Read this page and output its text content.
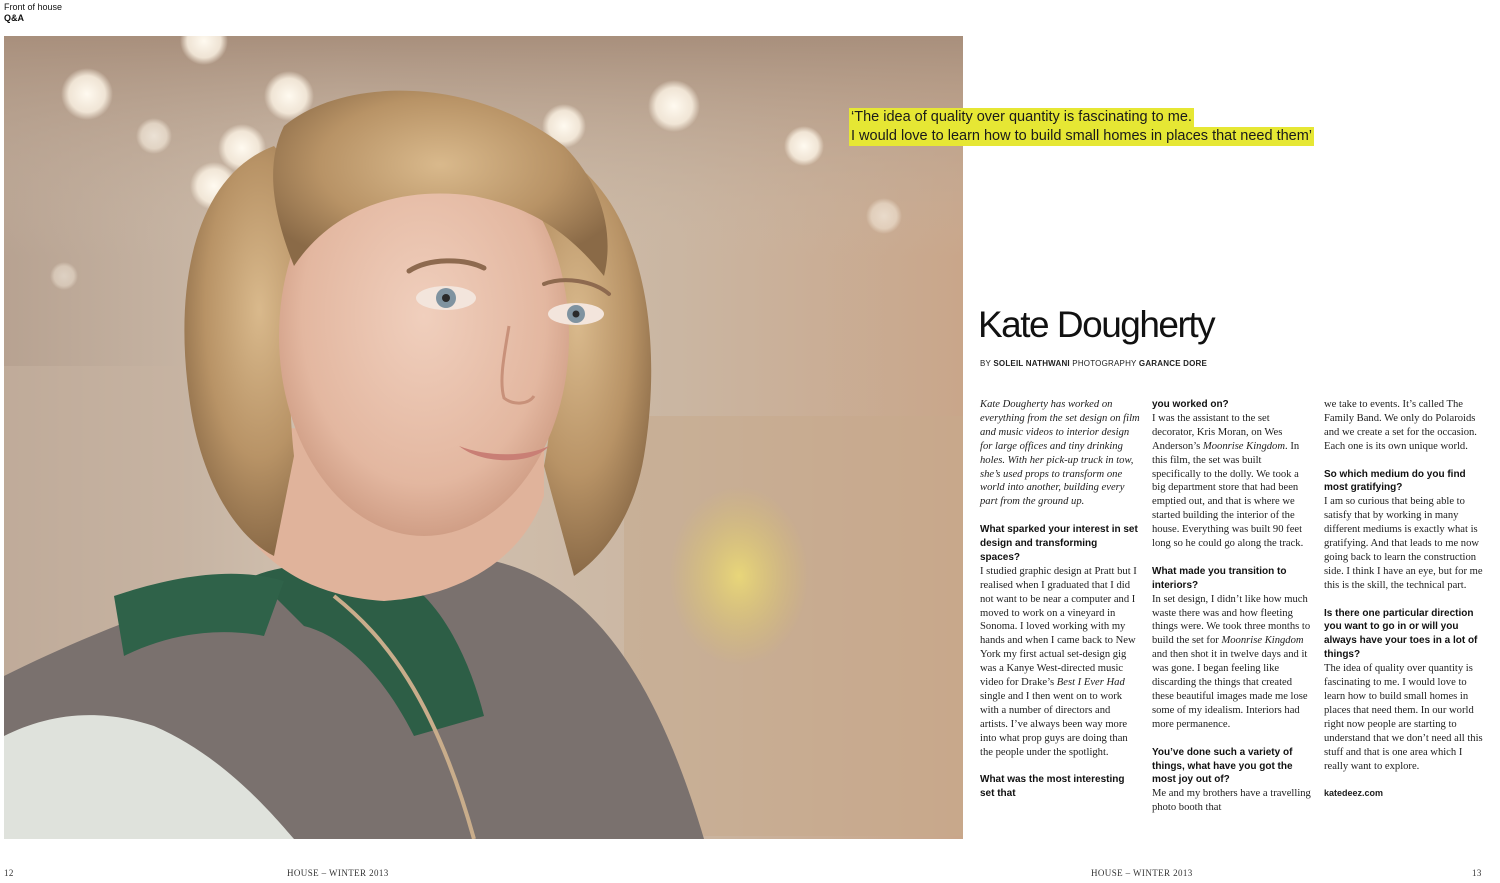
Front of house
Q&A
‘The idea of quality over quantity is fascinating to me.
I would love to learn how to build small homes in places that need them’
Kate Dougherty
BY SOLEIL NATHWANI PHOTOGRAPHY GARANCE DORE

Kate Dougherty has worked on everything from the set design on film and music videos to interior design for large offices and tiny drinking holes. With her pick-up truck in tow, she’s used props to transform one world into another, building every part from the ground up.

What sparked your interest in set design and transforming spaces?

I studied graphic design at Pratt but I realised when I graduated that I did not want to be near a computer and I moved to work on a vineyard in Sonoma. I loved working with my hands and when I came back to New York my first actual set-design gig was a Kanye West-directed music video for Drake’s Best I Ever Had single and I then went on to work with a number of directors and artists. I’ve always been way more into what prop guys are doing than the people under the spotlight.

What was the most interesting set that

you worked on?

I was the assistant to the set decorator, Kris Moran, on Wes Anderson’s Moonrise Kingdom. In this film, the set was built specifically to the dolly. We took a big department store that had been emptied out, and that is where we started building the interior of the house. Everything was built 90 feet long so he could go along the track.

What made you transition to interiors?

In set design, I didn’t like how much waste there was and how fleeting things were. We took three months to build the set for Moonrise Kingdom and then shot it in twelve days and it was gone. I began feeling like discarding the things that created these beautiful images made me lose some of my idealism. Interiors had more permanence.

You’ve done such a variety of things, what have you got the most joy out of?

Me and my brothers have a travelling photo booth that

we take to events. It’s called The Family Band. We only do Polaroids and we create a set for the occasion. Each one is its own unique world.

So which medium do you find most gratifying?

I am so curious that being able to satisfy that by working in many different mediums is exactly what is gratifying. And that leads to me now going back to learn the construction side. I think I have an eye, but for me this is the skill, the technical part.

Is there one particular direction you want to go in or will you always have your toes in a lot of things?

The idea of quality over quantity is fascinating to me. I would love to learn how to build small homes in places that need them. In our world right now people are starting to understand that we don’t need all this stuff and that is one area which I really want to explore.

katedeez.com

12	HOUSE – WINTER 2013	HOUSE – WINTER 2013	13
